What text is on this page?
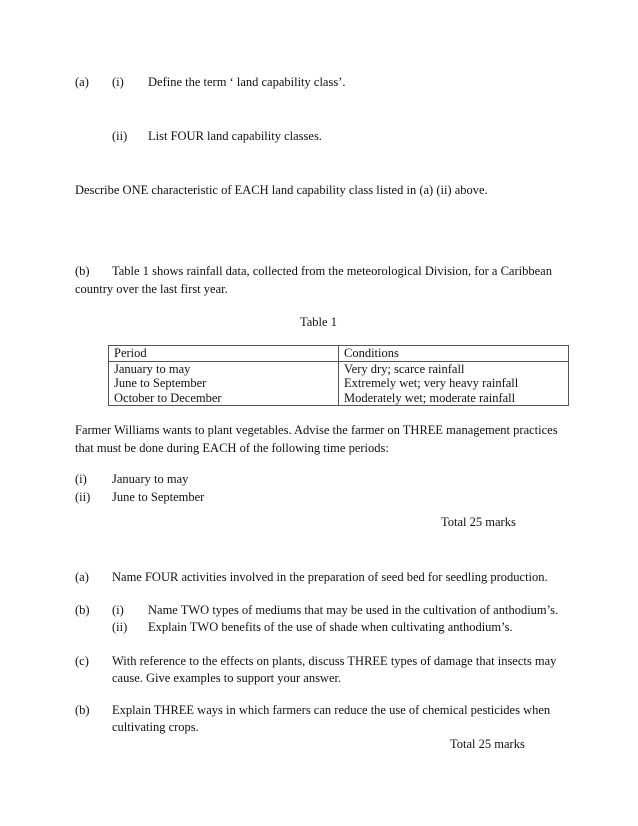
(a) (i) Define the term ‘ land capability class’.
(ii) List FOUR land capability classes.
Describe ONE characteristic of EACH land capability class listed in (a) (ii) above.
(b) Table 1 shows rainfall data, collected from the meteorological Division, for a Caribbean
country over the last first year.
Table 1
Period	Conditions
January to may	Very dry; scarce rainfall
June to September	Extremely wet; very heavy rainfall
October to December	Moderately wet; moderate rainfall
Farmer Williams wants to plant vegetables. Advise the farmer on THREE management practices
that must be done during EACH of the following time periods:
(i) January to may
(ii) June to September
Total 25 marks
(a) Name FOUR activities involved in the preparation of seed bed for seedling production.
(b) (i) Name TWO types of mediums that may be used in the cultivation of anthodium’s.
(ii) Explain TWO benefits of the use of shade when cultivating anthodium’s.
(c) With reference to the effects on plants, discuss THREE types of damage that insects may
cause. Give examples to support your answer.
(b) Explain THREE ways in which farmers can reduce the use of chemical pesticides when
cultivating crops.
Total 25 marks
